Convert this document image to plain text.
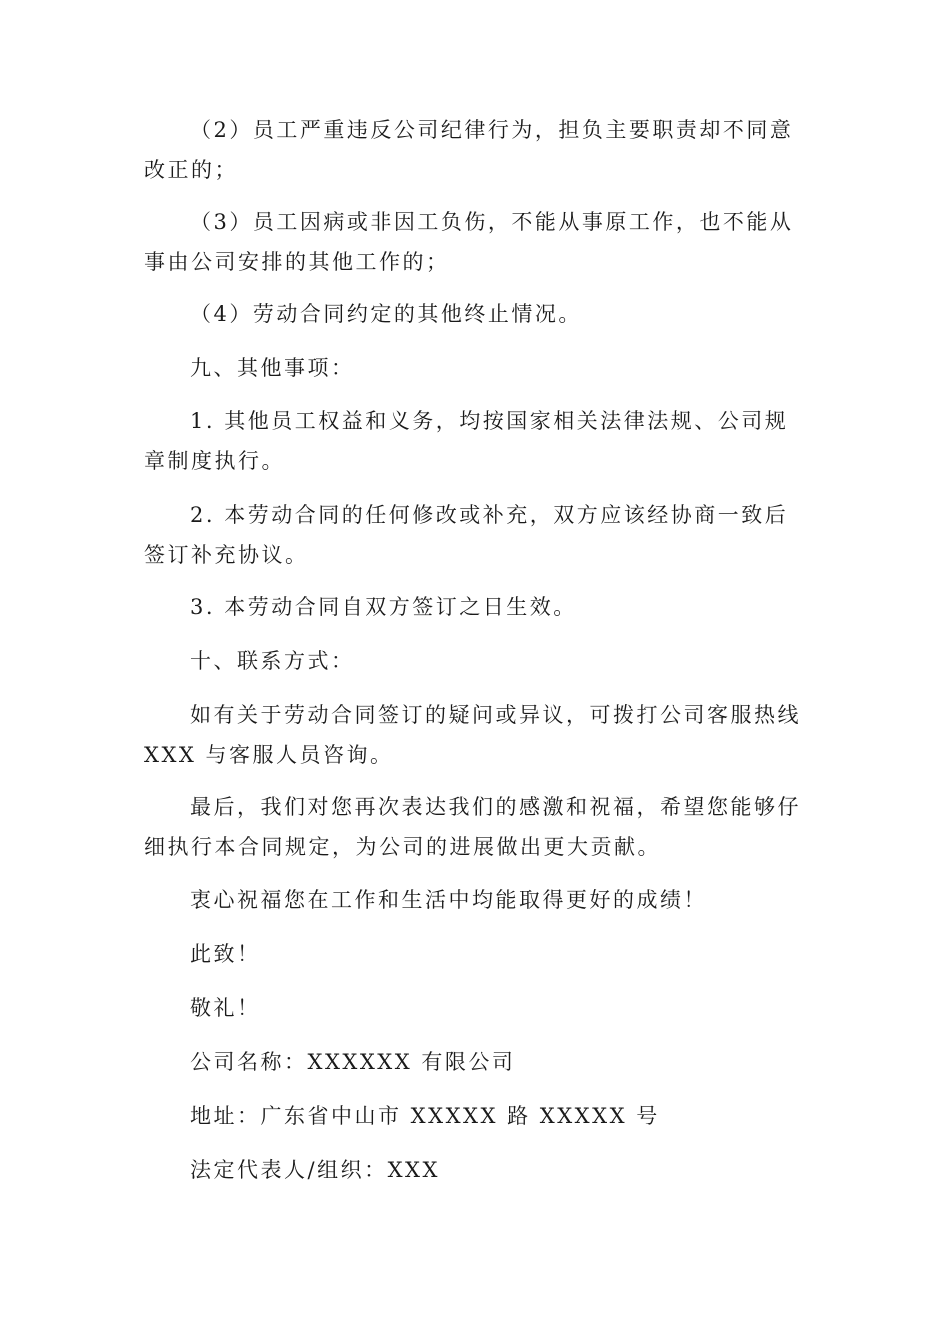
（2）员工严重违反公司纪律行为，担负主要职责却不同意改正的；
（3）员工因病或非因工负伤，不能从事原工作，也不能从事由公司安排的其他工作的；
（4）劳动合同约定的其他终止情况。
九、其他事项：
1. 其他员工权益和义务，均按国家相关法律法规、公司规章制度执行。
2. 本劳动合同的任何修改或补充，双方应该经协商一致后签订补充协议。
3. 本劳动合同自双方签订之日生效。
十、联系方式：
如有关于劳动合同签订的疑问或异议，可拨打公司客服热线 XXX 与客服人员咨询。
最后，我们对您再次表达我们的感激和祝福，希望您能够仔细执行本合同规定，为公司的进展做出更大贡献。
衷心祝福您在工作和生活中均能取得更好的成绩！
此致！
敬礼！
公司名称：XXXXXX 有限公司
地址：广东省中山市 XXXXX 路 XXXXX 号
法定代表人/组织：XXX
